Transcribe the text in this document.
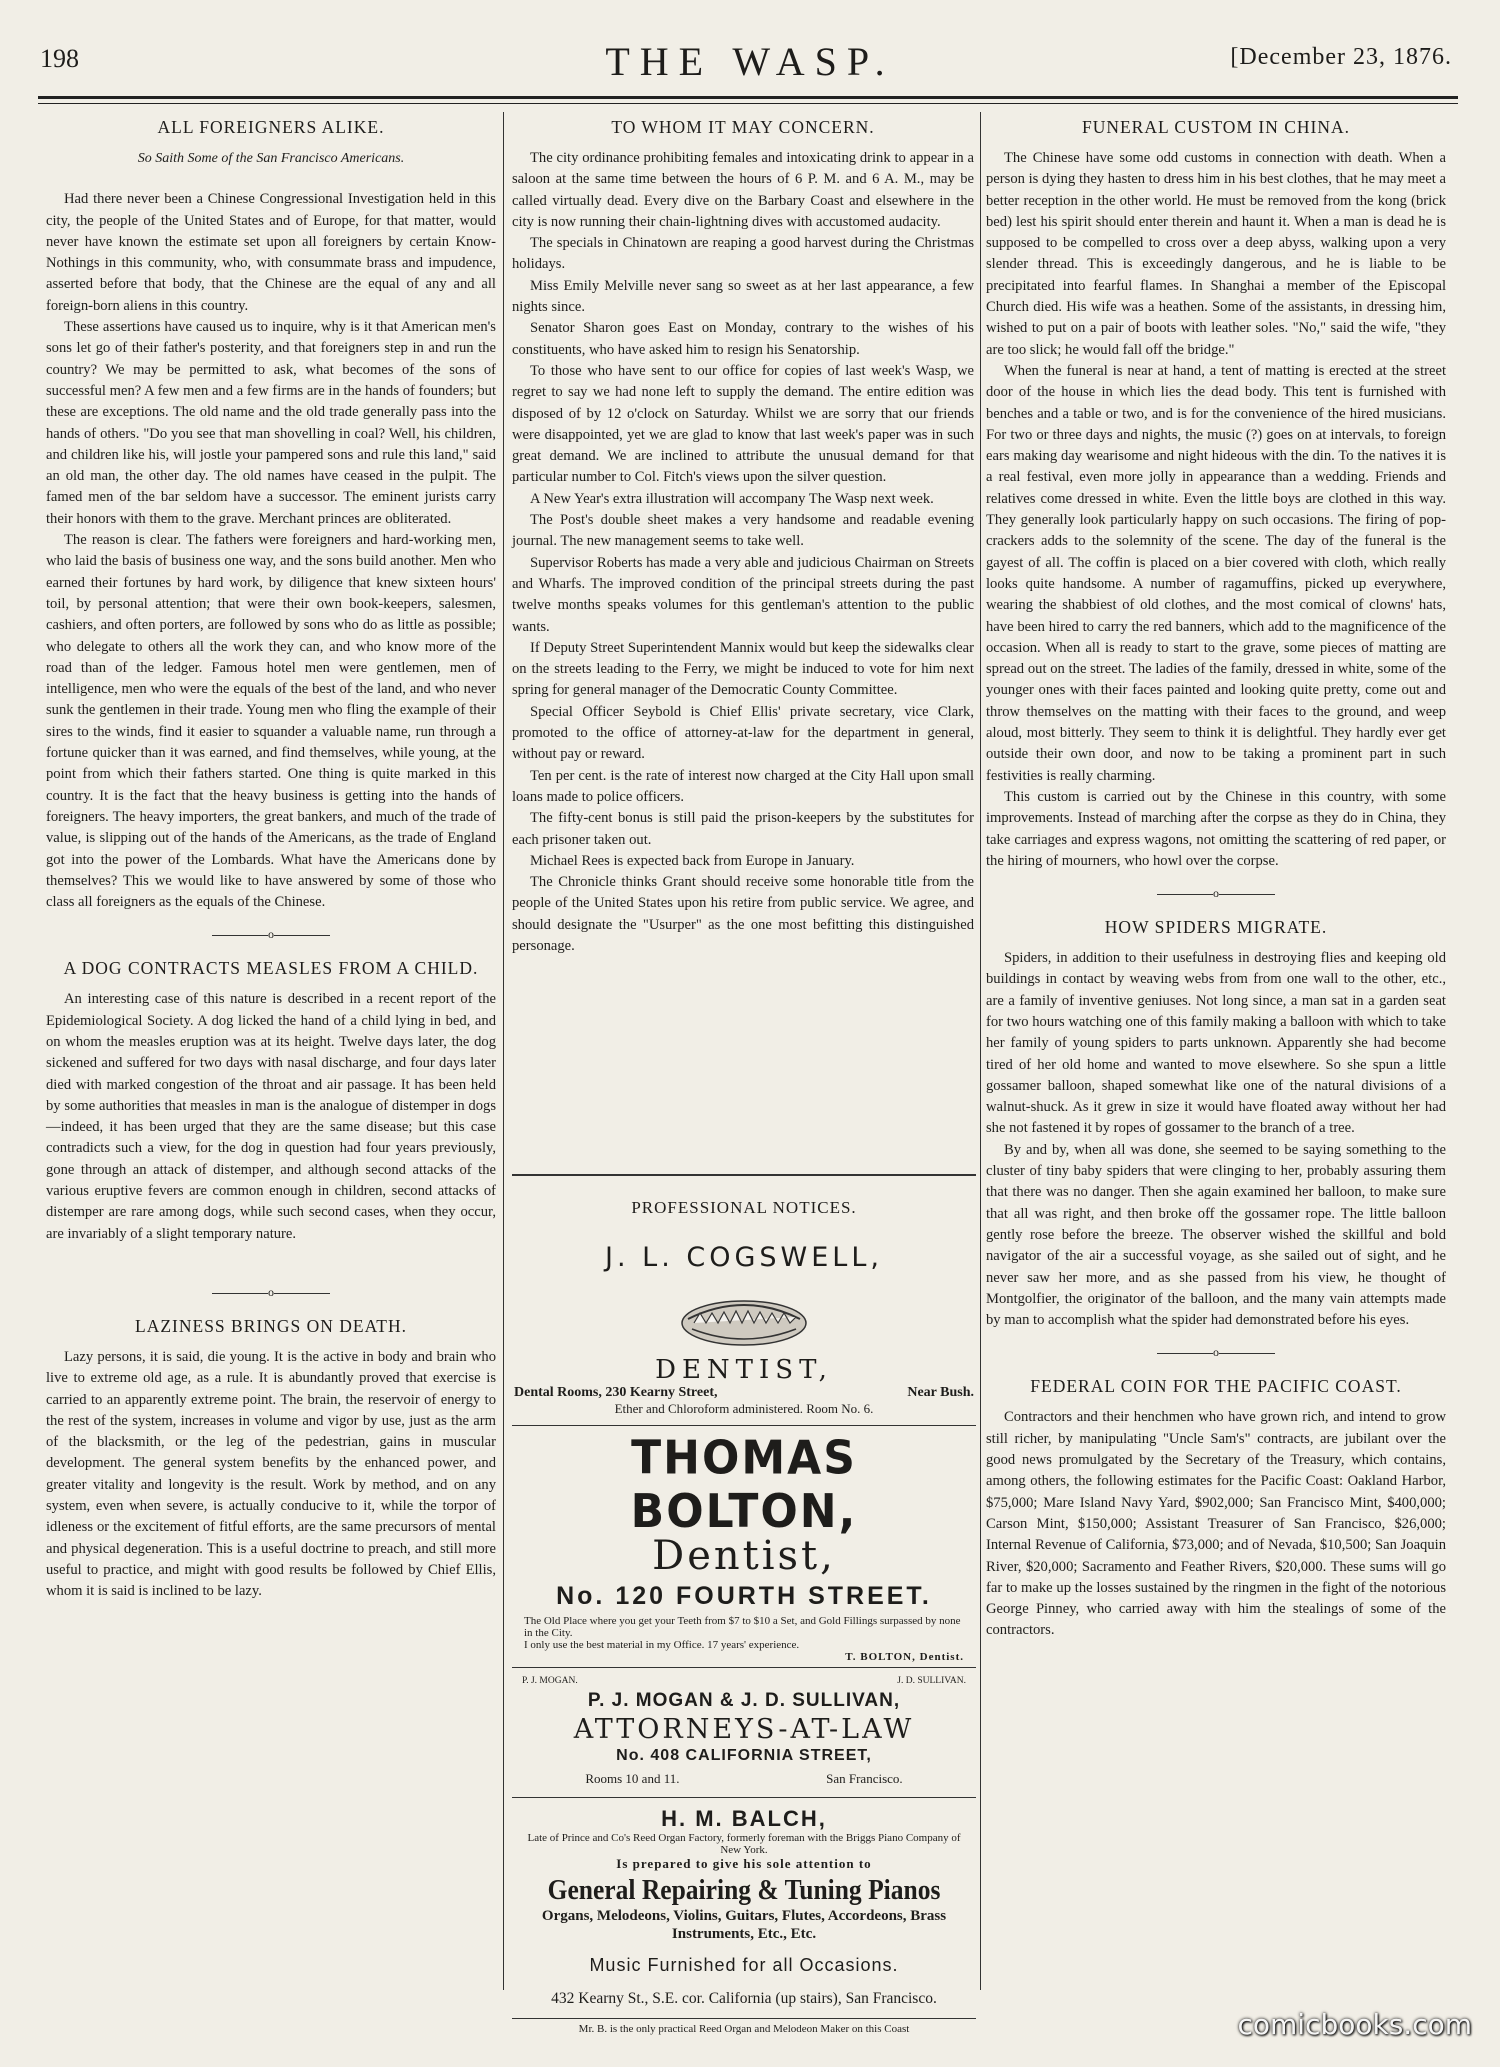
198	THE WASP.	[December 23, 1876.
ALL FOREIGNERS ALIKE.
So Saith Some of the San Francisco Americans.

Had there never been a Chinese Congressional Investigation held in this city, the people of the United States and of Europe, for that matter, would never have known the estimate set upon all foreigners by certain Know-Nothings in this community, who, with consummate brass and impudence, asserted before that body, that the Chinese are the equal of any and all foreign-born aliens in this country.

These assertions have caused us to inquire, why is it that American men's sons let go of their father's posterity, and that foreigners step in and run the country? We may be permitted to ask, what becomes of the sons of successful men? A few men and a few firms are in the hands of founders; but these are exceptions. The old name and the old trade generally pass into the hands of others. "Do you see that man shovelling in coal? Well, his children, and children like his, will jostle your pampered sons and rule this land," said an old man, the other day. The old names have ceased in the pulpit. The famed men of the bar seldom have a successor. The eminent jurists carry their honors with them to the grave. Merchant princes are obliterated.

The reason is clear. The fathers were foreigners and hard-working men, who laid the basis of business one way, and the sons build another. Men who earned their fortunes by hard work, by diligence that knew sixteen hours' toil, by personal attention; that were their own book-keepers, salesmen, cashiers, and often porters, are followed by sons who do as little as possible; who delegate to others all the work they can, and who know more of the road than of the ledger. Famous hotel men were gentlemen, men of intelligence, men who were the equals of the best of the land, and who never sunk the gentlemen in their trade. Young men who fling the example of their sires to the winds, find it easier to squander a valuable name, run through a fortune quicker than it was earned, and find themselves, while young, at the point from which their fathers started. One thing is quite marked in this country. It is the fact that the heavy business is getting into the hands of foreigners. The heavy importers, the great bankers, and much of the trade of value, is slipping out of the hands of the Americans, as the trade of England got into the power of the Lombards. What have the Americans done by themselves? This we would like to have answered by some of those who class all foreigners as the equals of the Chinese.

o
A DOG CONTRACTS MEASLES FROM A CHILD.

An interesting case of this nature is described in a recent report of the Epidemiological Society. A dog licked the hand of a child lying in bed, and on whom the measles eruption was at its height. Twelve days later, the dog sickened and suffered for two days with nasal discharge, and four days later died with marked congestion of the throat and air passage. It has been held by some authorities that measles in man is the analogue of distemper in dogs—indeed, it has been urged that they are the same disease; but this case contradicts such a view, for the dog in question had four years previously, gone through an attack of distemper, and although second attacks of the various eruptive fevers are common enough in children, second attacks of distemper are rare among dogs, while such second cases, when they occur, are invariably of a slight temporary nature.

o
LAZINESS BRINGS ON DEATH.

Lazy persons, it is said, die young. It is the active in body and brain who live to extreme old age, as a rule. It is abundantly proved that exercise is carried to an apparently extreme point. The brain, the reservoir of energy to the rest of the system, increases in volume and vigor by use, just as the arm of the blacksmith, or the leg of the pedestrian, gains in muscular development. The general system benefits by the enhanced power, and greater vitality and longevity is the result. Work by method, and on any system, even when severe, is actually conducive to it, while the torpor of idleness or the excitement of fitful efforts, are the same precursors of mental and physical degeneration. This is a useful doctrine to preach, and still more useful to practice, and might with good results be followed by Chief Ellis, whom it is said is inclined to be lazy.

TO WHOM IT MAY CONCERN.

The city ordinance prohibiting females and intoxicating drink to appear in a saloon at the same time between the hours of 6 P. M. and 6 A. M., may be called virtually dead. Every dive on the Barbary Coast and elsewhere in the city is now running their chain-lightning dives with accustomed audacity.

The specials in Chinatown are reaping a good harvest during the Christmas holidays.

Miss Emily Melville never sang so sweet as at her last appearance, a few nights since.

Senator Sharon goes East on Monday, contrary to the wishes of his constituents, who have asked him to resign his Senatorship.

To those who have sent to our office for copies of last week's Wasp, we regret to say we had none left to supply the demand. The entire edition was disposed of by 12 o'clock on Saturday. Whilst we are sorry that our friends were disappointed, yet we are glad to know that last week's paper was in such great demand. We are inclined to attribute the unusual demand for that particular number to Col. Fitch's views upon the silver question.

A New Year's extra illustration will accompany The Wasp next week.

The Post's double sheet makes a very handsome and readable evening journal. The new management seems to take well.

Supervisor Roberts has made a very able and judicious Chairman on Streets and Wharfs. The improved condition of the principal streets during the past twelve months speaks volumes for this gentleman's attention to the public wants.

If Deputy Street Superintendent Mannix would but keep the sidewalks clear on the streets leading to the Ferry, we might be induced to vote for him next spring for general manager of the Democratic County Committee.

Special Officer Seybold is Chief Ellis' private secretary, vice Clark, promoted to the office of attorney-at-law for the department in general, without pay or reward.

Ten per cent. is the rate of interest now charged at the City Hall upon small loans made to police officers.

The fifty-cent bonus is still paid the prison-keepers by the substitutes for each prisoner taken out.

Michael Rees is expected back from Europe in January.

The Chronicle thinks Grant should receive some honorable title from the people of the United States upon his retire from public service. We agree, and should designate the "Usurper" as the one most befitting this distinguished personage.

PROFESSIONAL NOTICES.
J. L. COGSWELL,
DENTIST,
Dental Rooms, 230 Kearny Street,	Near Bush.
Ether and Chloroform administered. Room No. 6.
THOMAS BOLTON,
Dentist,
No. 120 FOURTH STREET.
The Old Place where you get your Teeth from $7 to $10 a Set, and Gold Fillings surpassed by none in the City.
I only use the best material in my Office. 17 years' experience.
T. BOLTON, Dentist.
P. J. MOGAN.	J. D. SULLIVAN.
P. J. MOGAN & J. D. SULLIVAN,
ATTORNEYS-AT-LAW
No. 408 CALIFORNIA STREET,
Rooms 10 and 11.	San Francisco.
H. M. BALCH,
Late of Prince and Co's Reed Organ Factory, formerly foreman with the Briggs Piano Company of New York.
Is prepared to give his sole attention to
General Repairing & Tuning Pianos
Organs, Melodeons, Violins, Guitars, Flutes, Accordeons, Brass Instruments, Etc., Etc.
Music Furnished for all Occasions.
432 Kearny St., S.E. cor. California (up stairs), San Francisco.
Mr. B. is the only practical Reed Organ and Melodeon Maker on this Coast
FUNERAL CUSTOM IN CHINA.

The Chinese have some odd customs in connection with death. When a person is dying they hasten to dress him in his best clothes, that he may meet a better reception in the other world. He must be removed from the kong (brick bed) lest his spirit should enter therein and haunt it. When a man is dead he is supposed to be compelled to cross over a deep abyss, walking upon a very slender thread. This is exceedingly dangerous, and he is liable to be precipitated into fearful flames. In Shanghai a member of the Episcopal Church died. His wife was a heathen. Some of the assistants, in dressing him, wished to put on a pair of boots with leather soles. "No," said the wife, "they are too slick; he would fall off the bridge."

When the funeral is near at hand, a tent of matting is erected at the street door of the house in which lies the dead body. This tent is furnished with benches and a table or two, and is for the convenience of the hired musicians. For two or three days and nights, the music (?) goes on at intervals, to foreign ears making day wearisome and night hideous with the din. To the natives it is a real festival, even more jolly in appearance than a wedding. Friends and relatives come dressed in white. Even the little boys are clothed in this way. They generally look particularly happy on such occasions. The firing of pop-crackers adds to the solemnity of the scene. The day of the funeral is the gayest of all. The coffin is placed on a bier covered with cloth, which really looks quite handsome. A number of ragamuffins, picked up everywhere, wearing the shabbiest of old clothes, and the most comical of clowns' hats, have been hired to carry the red banners, which add to the magnificence of the occasion. When all is ready to start to the grave, some pieces of matting are spread out on the street. The ladies of the family, dressed in white, some of the younger ones with their faces painted and looking quite pretty, come out and throw themselves on the matting with their faces to the ground, and weep aloud, most bitterly. They seem to think it is delightful. They hardly ever get outside their own door, and now to be taking a prominent part in such festivities is really charming.

This custom is carried out by the Chinese in this country, with some improvements. Instead of marching after the corpse as they do in China, they take carriages and express wagons, not omitting the scattering of red paper, or the hiring of mourners, who howl over the corpse.

o
HOW SPIDERS MIGRATE.

Spiders, in addition to their usefulness in destroying flies and keeping old buildings in contact by weaving webs from from one wall to the other, etc., are a family of inventive geniuses. Not long since, a man sat in a garden seat for two hours watching one of this family making a balloon with which to take her family of young spiders to parts unknown. Apparently she had become tired of her old home and wanted to move elsewhere. So she spun a little gossamer balloon, shaped somewhat like one of the natural divisions of a walnut-shuck. As it grew in size it would have floated away without her had she not fastened it by ropes of gossamer to the branch of a tree.

By and by, when all was done, she seemed to be saying something to the cluster of tiny baby spiders that were clinging to her, probably assuring them that there was no danger. Then she again examined her balloon, to make sure that all was right, and then broke off the gossamer rope. The little balloon gently rose before the breeze. The observer wished the skillful and bold navigator of the air a successful voyage, as she sailed out of sight, and he never saw her more, and as she passed from his view, he thought of Montgolfier, the originator of the balloon, and the many vain attempts made by man to accomplish what the spider had demonstrated before his eyes.

o
FEDERAL COIN FOR THE PACIFIC COAST.

Contractors and their henchmen who have grown rich, and intend to grow still richer, by manipulating "Uncle Sam's" contracts, are jubilant over the good news promulgated by the Secretary of the Treasury, which contains, among others, the following estimates for the Pacific Coast: Oakland Harbor, $75,000; Mare Island Navy Yard, $902,000; San Francisco Mint, $400,000; Carson Mint, $150,000; Assistant Treasurer of San Francisco, $26,000; Internal Revenue of California, $73,000; and of Nevada, $10,500; San Joaquin River, $20,000; Sacramento and Feather Rivers, $20,000. These sums will go far to make up the losses sustained by the ringmen in the fight of the notorious George Pinney, who carried away with him the stealings of some of the contractors.

comicbooks.com
